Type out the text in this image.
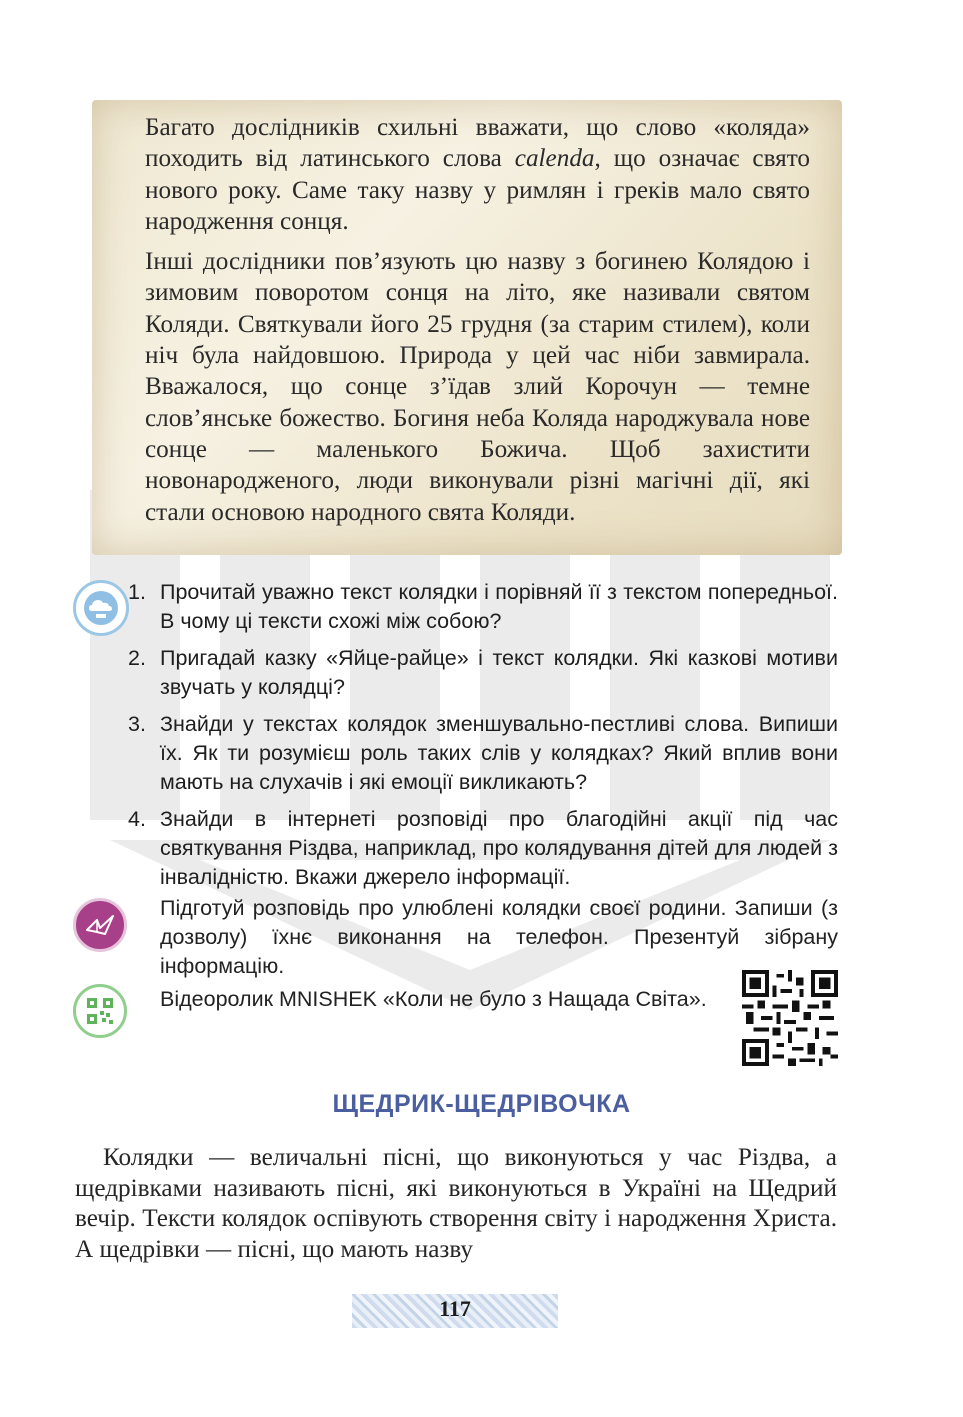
Багато дослідників схильні вважати, що слово «коляда» походить від латинського слова calenda, що означає свято нового року. Саме таку назву у римлян і греків мало свято народження сонця.

Інші дослідники пов’язують цю назву з богинею Колядою і зимовим поворотом сонця на літо, яке називали святом Коляди. Святкували його 25 грудня (за старим стилем), коли ніч була найдовшою. Природа у цей час ніби завмирала. Вважалося, що сонце з’їдав злий Корочун — темне слов’янське божество. Богиня неба Коляда народжувала нове сонце — маленького Божича. Щоб захистити новонародженого, люди виконували різні магічні дії, які стали основою народного свята Коляди.

1. Прочитай уважно текст колядки і порівняй її з текстом попередньої. В чому ці тексти схожі між собою?
2. Пригадай казку «Яйце-райце» і текст колядки. Які казкові мотиви звучать у колядці?
3. Знайди у текстах колядок зменшувально-пестливі слова. Випиши їх. Як ти розумієш роль таких слів у колядках? Який вплив вони мають на слухачів і які емоції викликають?
4. Знайди в інтернеті розповіді про благодійні акції під час святкування Різдва, наприклад, про колядування дітей для людей з інвалідністю. Вкажи джерело інформації.
Підготуй розповідь про улюблені колядки своєї родини. Запиши (з дозволу) їхнє виконання на телефон. Презентуй зібрану інформацію.
Відеоролик MNISHEK «Коли не було з Нащада Світа».
ЩЕДРИК-ЩЕДРІВОЧКА
Колядки — величальні пісні, що виконуються у час Різдва, а щедрівками називають пісні, які виконуються в Україні на Щедрий вечір. Тексти колядок оспівують створення світу і народження Христа. А щедрівки — пісні, що мають назву
117
